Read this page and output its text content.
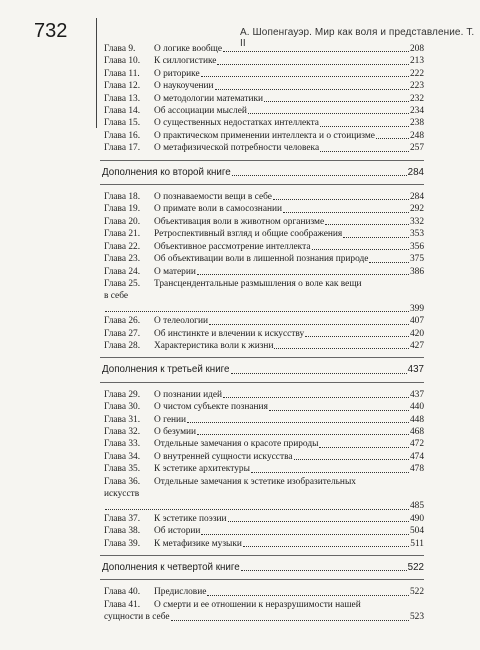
732	А. Шопенгауэр. Мир как воля и представление. Т. II
Глава 9.	О логике вообще	208
Глава 10.	К силлогистике	213
Глава 11.	О риторике	222
Глава 12.	О наукоучении	223
Глава 13.	О методологии математики	232
Глава 14.	Об ассоциации мыслей	234
Глава 15.	О существенных недостатках интеллекта	238
Глава 16.	О практическом применении интеллекта и о стоицизме	248
Глава 17.	О метафизической потребности человека	257
Дополнения ко второй книге	284
Глава 18.	О познаваемости вещи в себе	284
Глава 19.	О примате воли в самосознании	292
Глава 20.	Объективация воли в животном организме	332
Глава 21.	Ретроспективный взгляд и общие соображения	353
Глава 22.	Объективное рассмотрение интеллекта	356
Глава 23.	Об объективации воли в лишенной познания природе	375
Глава 24.	О материи	386
Глава 25.	Трансцендентальные размышления о воле как вещи
в себе
399
Глава 26.	О телеологии	407
Глава 27.	Об инстинкте и влечении к искусству	420
Глава 28.	Характеристика воли к жизни	427
Дополнения к третьей книге	437
Глава 29.	О познании идей	437
Глава 30.	О чистом субъекте познания	440
Глава 31.	О гении	448
Глава 32.	О безумии	468
Глава 33.	Отдельные замечания о красоте природы	472
Глава 34.	О внутренней сущности искусства	474
Глава 35.	К эстетике архитектуры	478
Глава 36.	Отдельные замечания к эстетике изобразительных
искусств
485
Глава 37.	К эстетике поэзии	490
Глава 38.	Об истории	504
Глава 39.	К метафизике музыки	511
Дополнения к четвертой книге	522
Глава 40.	Предисловие	522
Глава 41.	О смерти и ее отношении к неразрушимости нашей
сущности в себе	523
